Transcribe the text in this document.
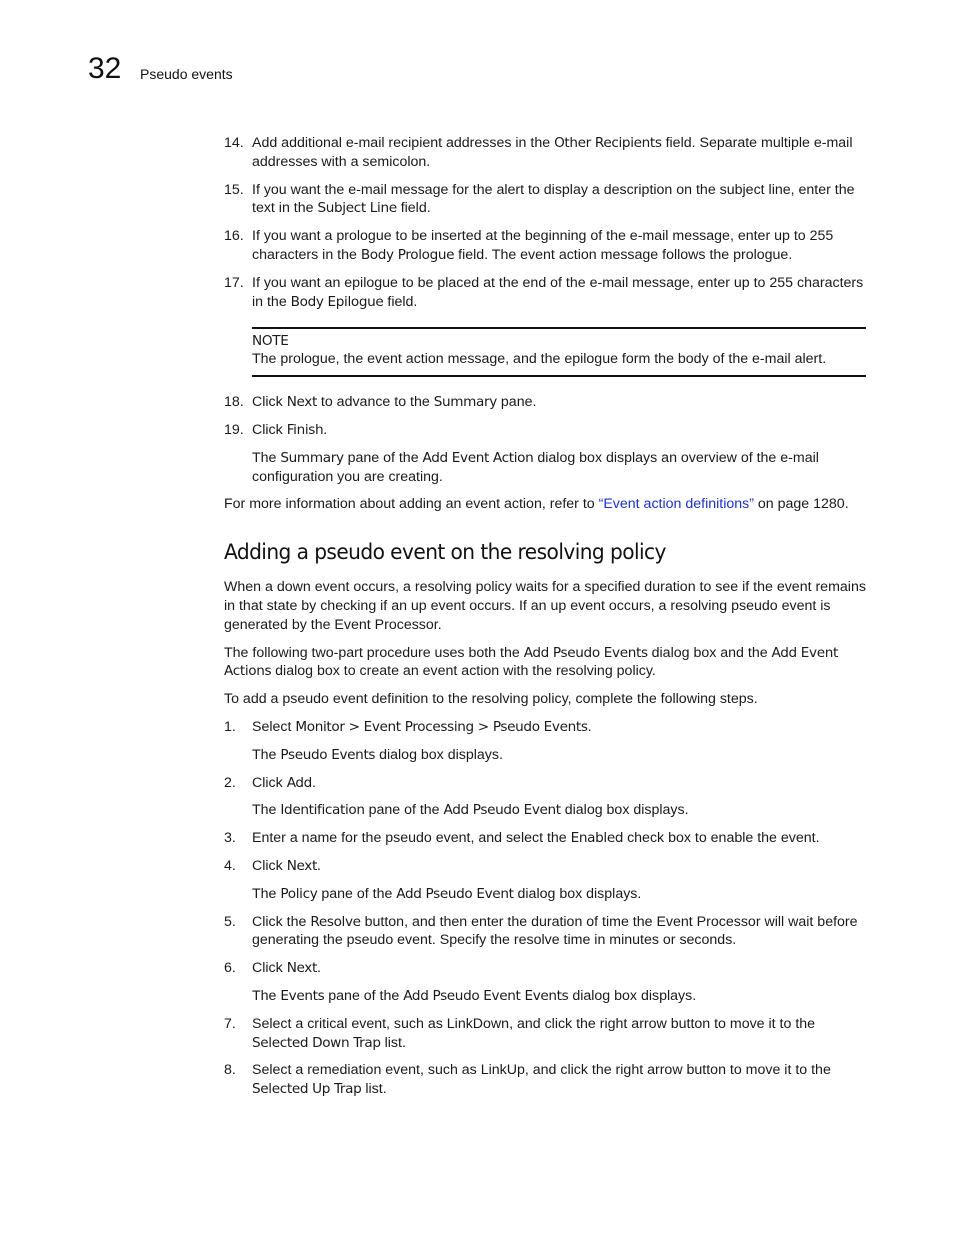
32 Pseudo events
14. Add additional e-mail recipient addresses in the Other Recipients field. Separate multiple e-mail addresses with a semicolon.
15. If you want the e-mail message for the alert to display a description on the subject line, enter the text in the Subject Line field.
16. If you want a prologue to be inserted at the beginning of the e-mail message, enter up to 255 characters in the Body Prologue field. The event action message follows the prologue.
17. If you want an epilogue to be placed at the end of the e-mail message, enter up to 255 characters in the Body Epilogue field.
NOTE

The prologue, the event action message, and the epilogue form the body of the e-mail alert.

18. Click Next to advance to the Summary pane.
19. Click Finish.

The Summary pane of the Add Event Action dialog box displays an overview of the e-mail configuration you are creating.

For more information about adding an event action, refer to “Event action definitions” on page 1280.

Adding a pseudo event on the resolving policy

When a down event occurs, a resolving policy waits for a specified duration to see if the event remains in that state by checking if an up event occurs. If an up event occurs, a resolving pseudo event is generated by the Event Processor.

The following two-part procedure uses both the Add Pseudo Events dialog box and the Add Event Actions dialog box to create an event action with the resolving policy.

To add a pseudo event definition to the resolving policy, complete the following steps.

1. Select Monitor > Event Processing > Pseudo Events.

The Pseudo Events dialog box displays.

2. Click Add.

The Identification pane of the Add Pseudo Event dialog box displays.

3. Enter a name for the pseudo event, and select the Enabled check box to enable the event.
4. Click Next.

The Policy pane of the Add Pseudo Event dialog box displays.

5. Click the Resolve button, and then enter the duration of time the Event Processor will wait before generating the pseudo event. Specify the resolve time in minutes or seconds.
6. Click Next.

The Events pane of the Add Pseudo Event Events dialog box displays.

7. Select a critical event, such as LinkDown, and click the right arrow button to move it to the Selected Down Trap list.
8. Select a remediation event, such as LinkUp, and click the right arrow button to move it to the Selected Up Trap list.
